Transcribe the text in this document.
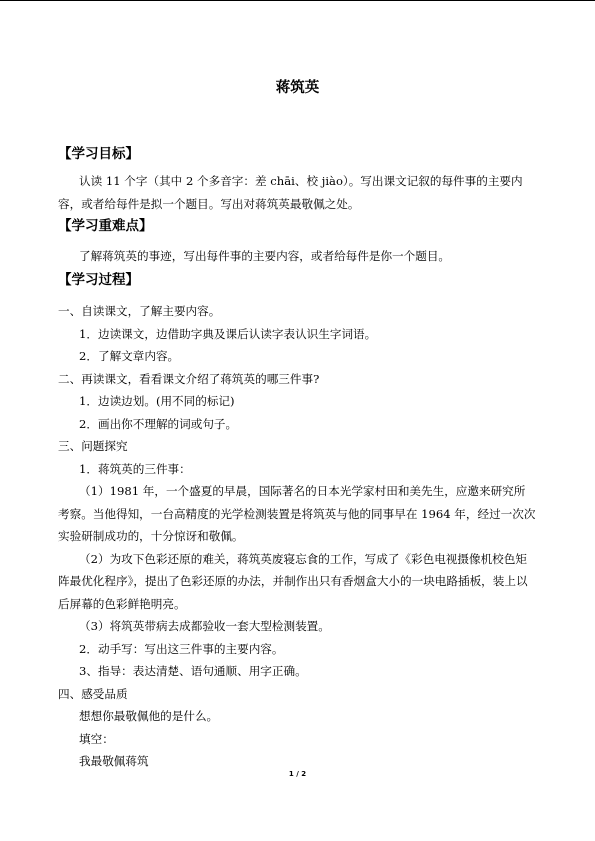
蒋筑英
【学习目标】
认读 11 个字（其中 2 个多音字：差 chāi、校 jiào）。写出课文记叙的每件事的主要内
容，或者给每件是拟一个题目。写出对蒋筑英最敬佩之处。
【学习重难点】
了解蒋筑英的事迹，写出每件事的主要内容，或者给每件是你一个题目。
【学习过程】
一、自读课文，了解主要内容。
1．边读课文，边借助字典及课后认读字表认识生字词语。
2．了解文章内容。
二、再读课文，看看课文介绍了蒋筑英的哪三件事?
1．边读边划。(用不同的标记)
2．画出你不理解的词或句子。
三、问题探究
1．蒋筑英的三件事：
（1）1981 年，一个盛夏的早晨，国际著名的日本光学家村田和美先生，应邀来研究所
考察。当他得知，一台高精度的光学检测装置是将筑英与他的同事早在 1964 年，经过一次次
实验研制成功的，十分惊讶和敬佩。
（2）为攻下色彩还原的难关，蒋筑英废寝忘食的工作，写成了《彩色电视摄像机校色矩
阵最优化程序》，提出了色彩还原的办法，并制作出只有香烟盒大小的一块电路插板，装上以
后屏幕的色彩鲜艳明亮。
（3）将筑英带病去成都验收一套大型检测装置。
2．动手写：写出这三件事的主要内容。
3、指导：表达清楚、语句通顺、用字正确。
四、感受品质
想想你最敬佩他的是什么。
填空：
我最敬佩蒋筑
1 / 2
